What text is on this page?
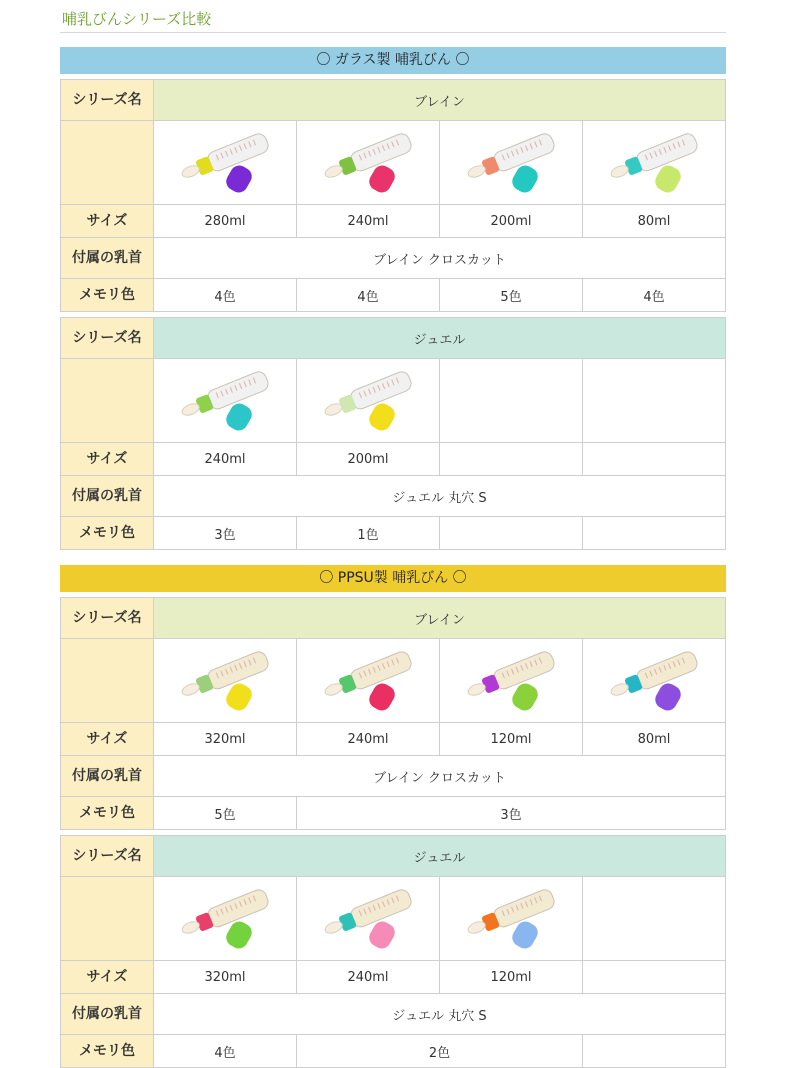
哺乳びんシリーズ比較
〇 ガラス製 哺乳びん 〇
シリーズ名	ブレイン			

サイズ	280ml	240ml	200ml	80ml
付属の乳首	ブレイン クロスカット			
メモリ色	4色	4色	5色	4色
シリーズ名	ジュエル			

サイズ	240ml	200ml		
付属の乳首	ジュエル 丸穴 S			
メモリ色	3色	1色		
〇 PPSU製 哺乳びん 〇
シリーズ名	ブレイン			

サイズ	320ml	240ml	120ml	80ml
付属の乳首	ブレイン クロスカット			
メモリ色	5色	3色		
シリーズ名	ジュエル			

サイズ	320ml	240ml	120ml	
付属の乳首	ジュエル 丸穴 S			
メモリ色	4色	2色		
